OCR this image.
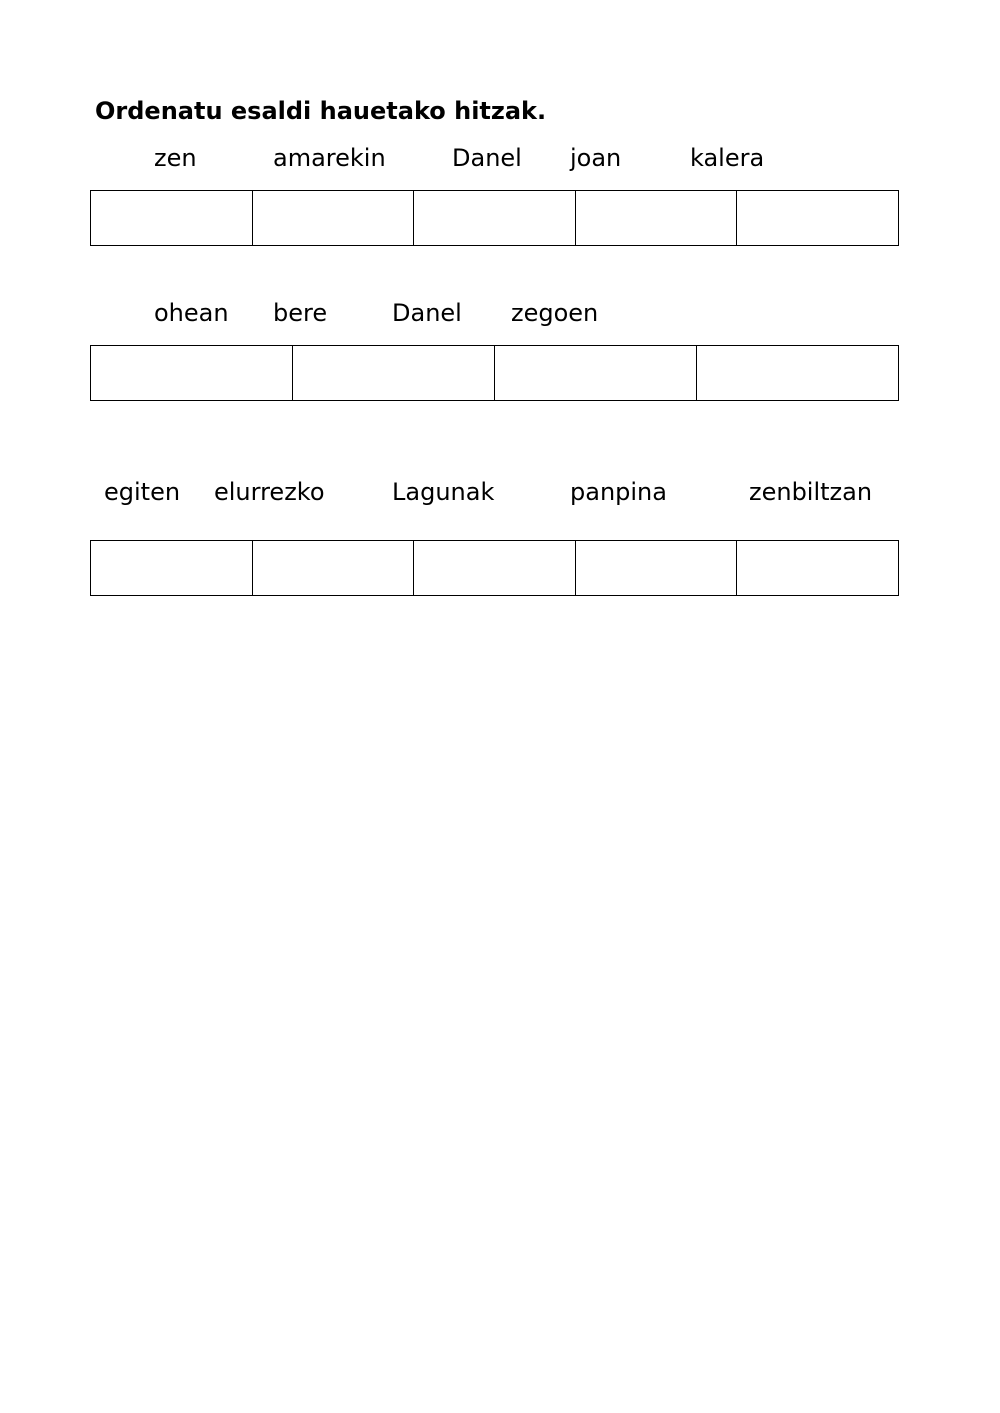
Ordenatu esaldi hauetako hitzak.
zen	amarekin	Danel joan	kalera
ohean bere	Danel zegoen
egiten elurrezko	Lagunak	panpina	zenbiltzan
